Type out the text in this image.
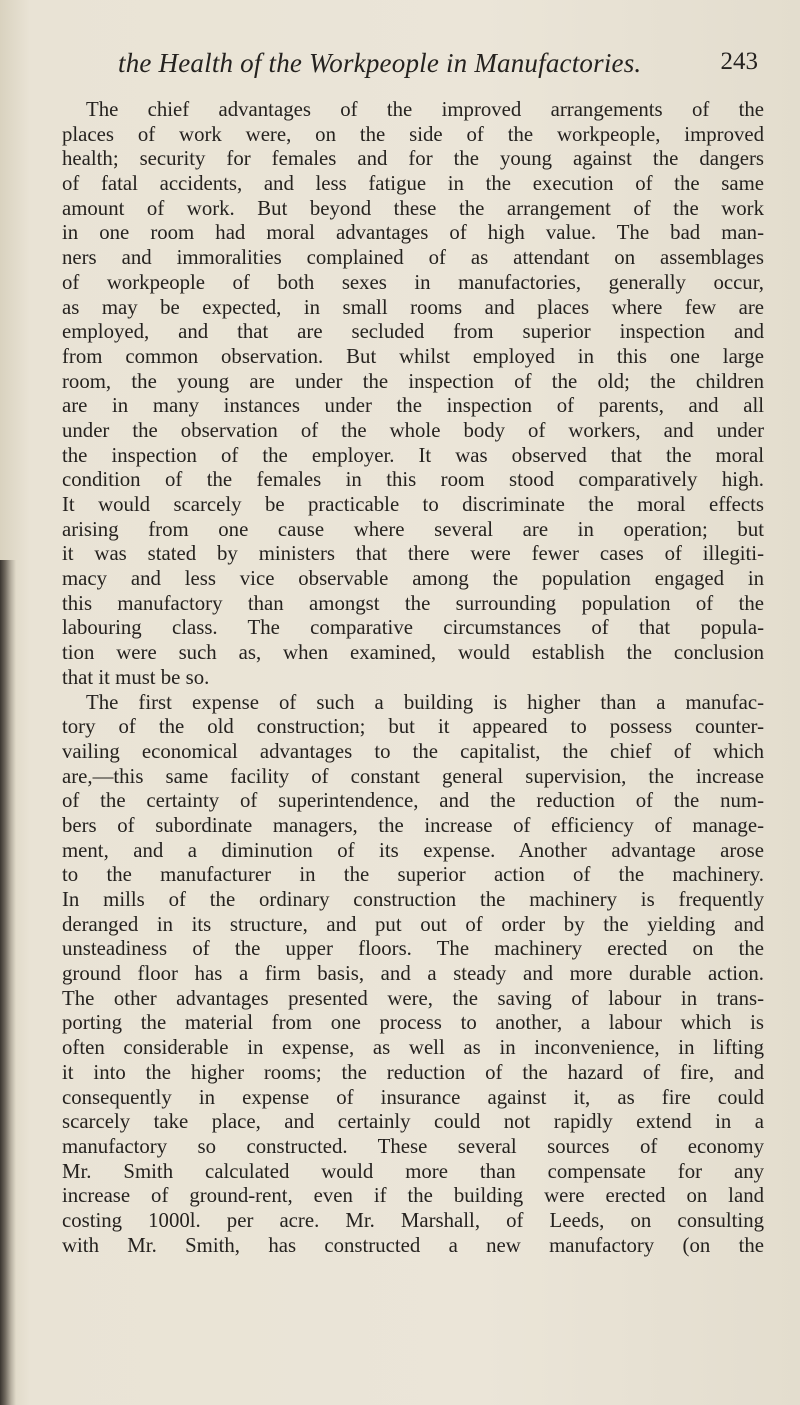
the Health of the Workpeople in Manufactories.	243
The chief advantages of the improved arrangements of the
places of work were, on the side of the workpeople, improved
health; security for females and for the young against the dangers
of fatal accidents, and less fatigue in the execution of the same
amount of work. But beyond these the arrangement of the work
in one room had moral advantages of high value. The bad man-
ners and immoralities complained of as attendant on assemblages
of workpeople of both sexes in manufactories, generally occur,
as may be expected, in small rooms and places where few are
employed, and that are secluded from superior inspection and
from common observation. But whilst employed in this one large
room, the young are under the inspection of the old; the children
are in many instances under the inspection of parents, and all
under the observation of the whole body of workers, and under
the inspection of the employer. It was observed that the moral
condition of the females in this room stood comparatively high.
It would scarcely be practicable to discriminate the moral effects
arising from one cause where several are in operation; but
it was stated by ministers that there were fewer cases of illegiti-
macy and less vice observable among the population engaged in
this manufactory than amongst the surrounding population of the
labouring class. The comparative circumstances of that popula-
tion were such as, when examined, would establish the conclusion
that it must be so.
The first expense of such a building is higher than a manufac-
tory of the old construction; but it appeared to possess counter-
vailing economical advantages to the capitalist, the chief of which
are,—this same facility of constant general supervision, the increase
of the certainty of superintendence, and the reduction of the num-
bers of subordinate managers, the increase of efficiency of manage-
ment, and a diminution of its expense. Another advantage arose
to the manufacturer in the superior action of the machinery.
In mills of the ordinary construction the machinery is frequently
deranged in its structure, and put out of order by the yielding and
unsteadiness of the upper floors. The machinery erected on the
ground floor has a firm basis, and a steady and more durable action.
The other advantages presented were, the saving of labour in trans-
porting the material from one process to another, a labour which is
often considerable in expense, as well as in inconvenience, in lifting
it into the higher rooms; the reduction of the hazard of fire, and
consequently in expense of insurance against it, as fire could
scarcely take place, and certainly could not rapidly extend in a
manufactory so constructed. These several sources of economy
Mr. Smith calculated would more than compensate for any
increase of ground-rent, even if the building were erected on land
costing 1000l. per acre. Mr. Marshall, of Leeds, on consulting
with Mr. Smith, has constructed a new manufactory (on the
